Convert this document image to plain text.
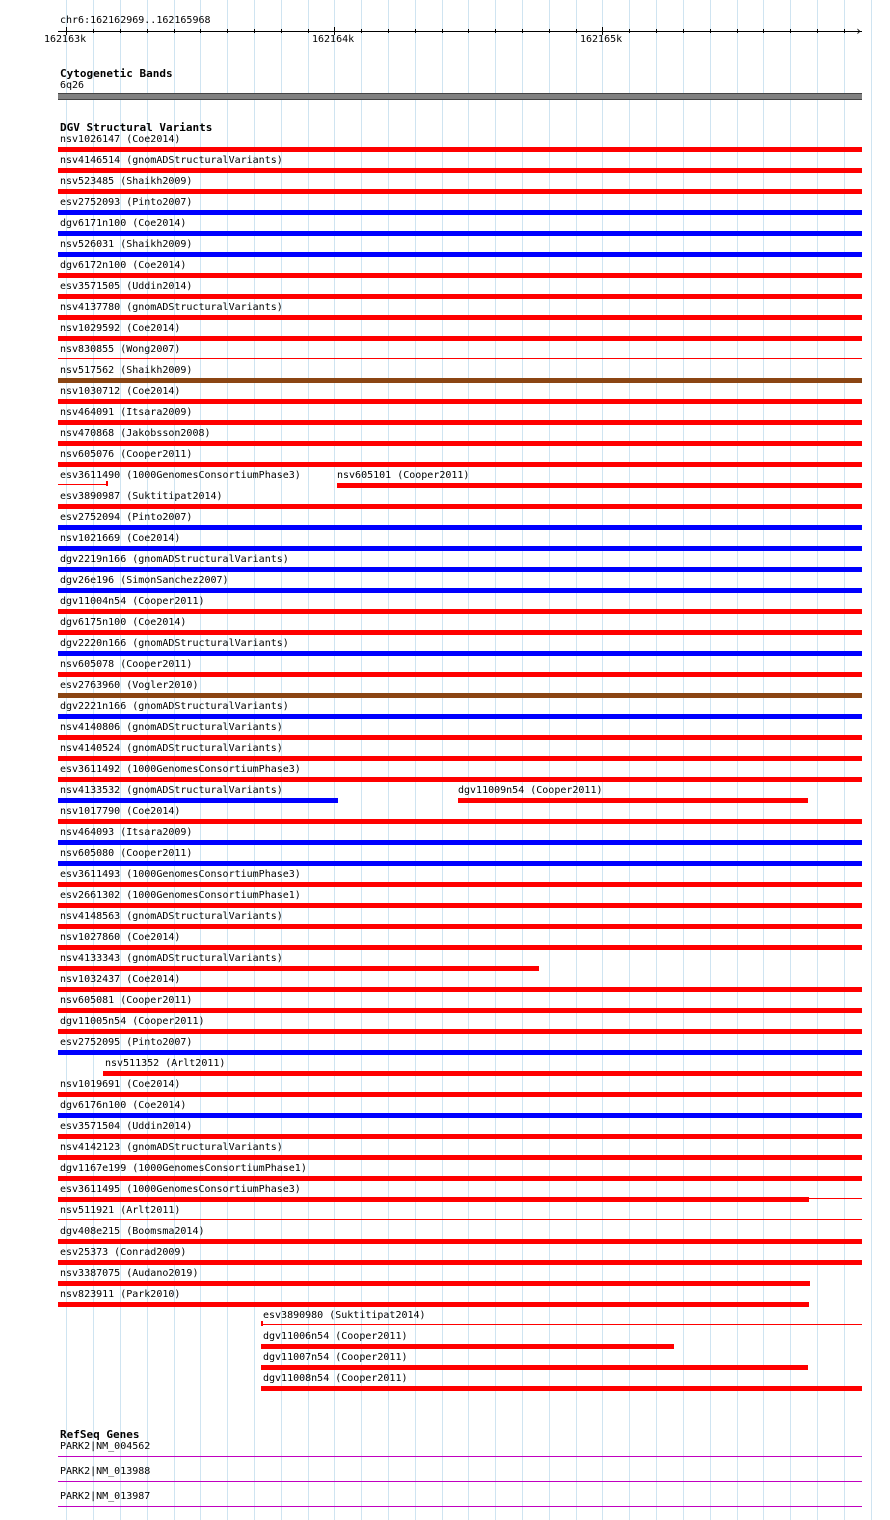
chr6:162162969..162165968
›
162163k	162164k	162165k
Cytogenetic Bands
6q26
DGV Structural Variants
nsv1026147 (Coe2014)
nsv4146514 (gnomADStructuralVariants)
nsv523485 (Shaikh2009)
esv2752093 (Pinto2007)
dgv6171n100 (Coe2014)
nsv526031 (Shaikh2009)
dgv6172n100 (Coe2014)
esv3571505 (Uddin2014)
nsv4137780 (gnomADStructuralVariants)
nsv1029592 (Coe2014)
nsv830855 (Wong2007)
nsv517562 (Shaikh2009)
nsv1030712 (Coe2014)
nsv464091 (Itsara2009)
nsv470868 (Jakobsson2008)
nsv605076 (Cooper2011)
esv3611490 (1000GenomesConsortiumPhase3)	nsv605101 (Cooper2011)
esv3890987 (Suktitipat2014)
esv2752094 (Pinto2007)
nsv1021669 (Coe2014)
dgv2219n166 (gnomADStructuralVariants)
dgv26e196 (SimonSanchez2007)
dgv11004n54 (Cooper2011)
dgv6175n100 (Coe2014)
dgv2220n166 (gnomADStructuralVariants)
nsv605078 (Cooper2011)
esv2763960 (Vogler2010)
dgv2221n166 (gnomADStructuralVariants)
nsv4140806 (gnomADStructuralVariants)
nsv4140524 (gnomADStructuralVariants)
esv3611492 (1000GenomesConsortiumPhase3)
nsv4133532 (gnomADStructuralVariants)	dgv11009n54 (Cooper2011)
nsv1017790 (Coe2014)
nsv464093 (Itsara2009)
nsv605080 (Cooper2011)
esv3611493 (1000GenomesConsortiumPhase3)
esv2661302 (1000GenomesConsortiumPhase1)
nsv4148563 (gnomADStructuralVariants)
nsv1027860 (Coe2014)
nsv4133343 (gnomADStructuralVariants)
nsv1032437 (Coe2014)
nsv605081 (Cooper2011)
dgv11005n54 (Cooper2011)
esv2752095 (Pinto2007)
nsv511352 (Arlt2011)
nsv1019691 (Coe2014)
dgv6176n100 (Coe2014)
esv3571504 (Uddin2014)
nsv4142123 (gnomADStructuralVariants)
dgv1167e199 (1000GenomesConsortiumPhase1)
esv3611495 (1000GenomesConsortiumPhase3)
nsv511921 (Arlt2011)
dgv408e215 (Boomsma2014)
esv25373 (Conrad2009)
nsv3387075 (Audano2019)
nsv823911 (Park2010)
esv3890980 (Suktitipat2014)
dgv11006n54 (Cooper2011)
dgv11007n54 (Cooper2011)
dgv11008n54 (Cooper2011)
RefSeq Genes
PARK2|NM_004562
PARK2|NM_013988
PARK2|NM_013987
